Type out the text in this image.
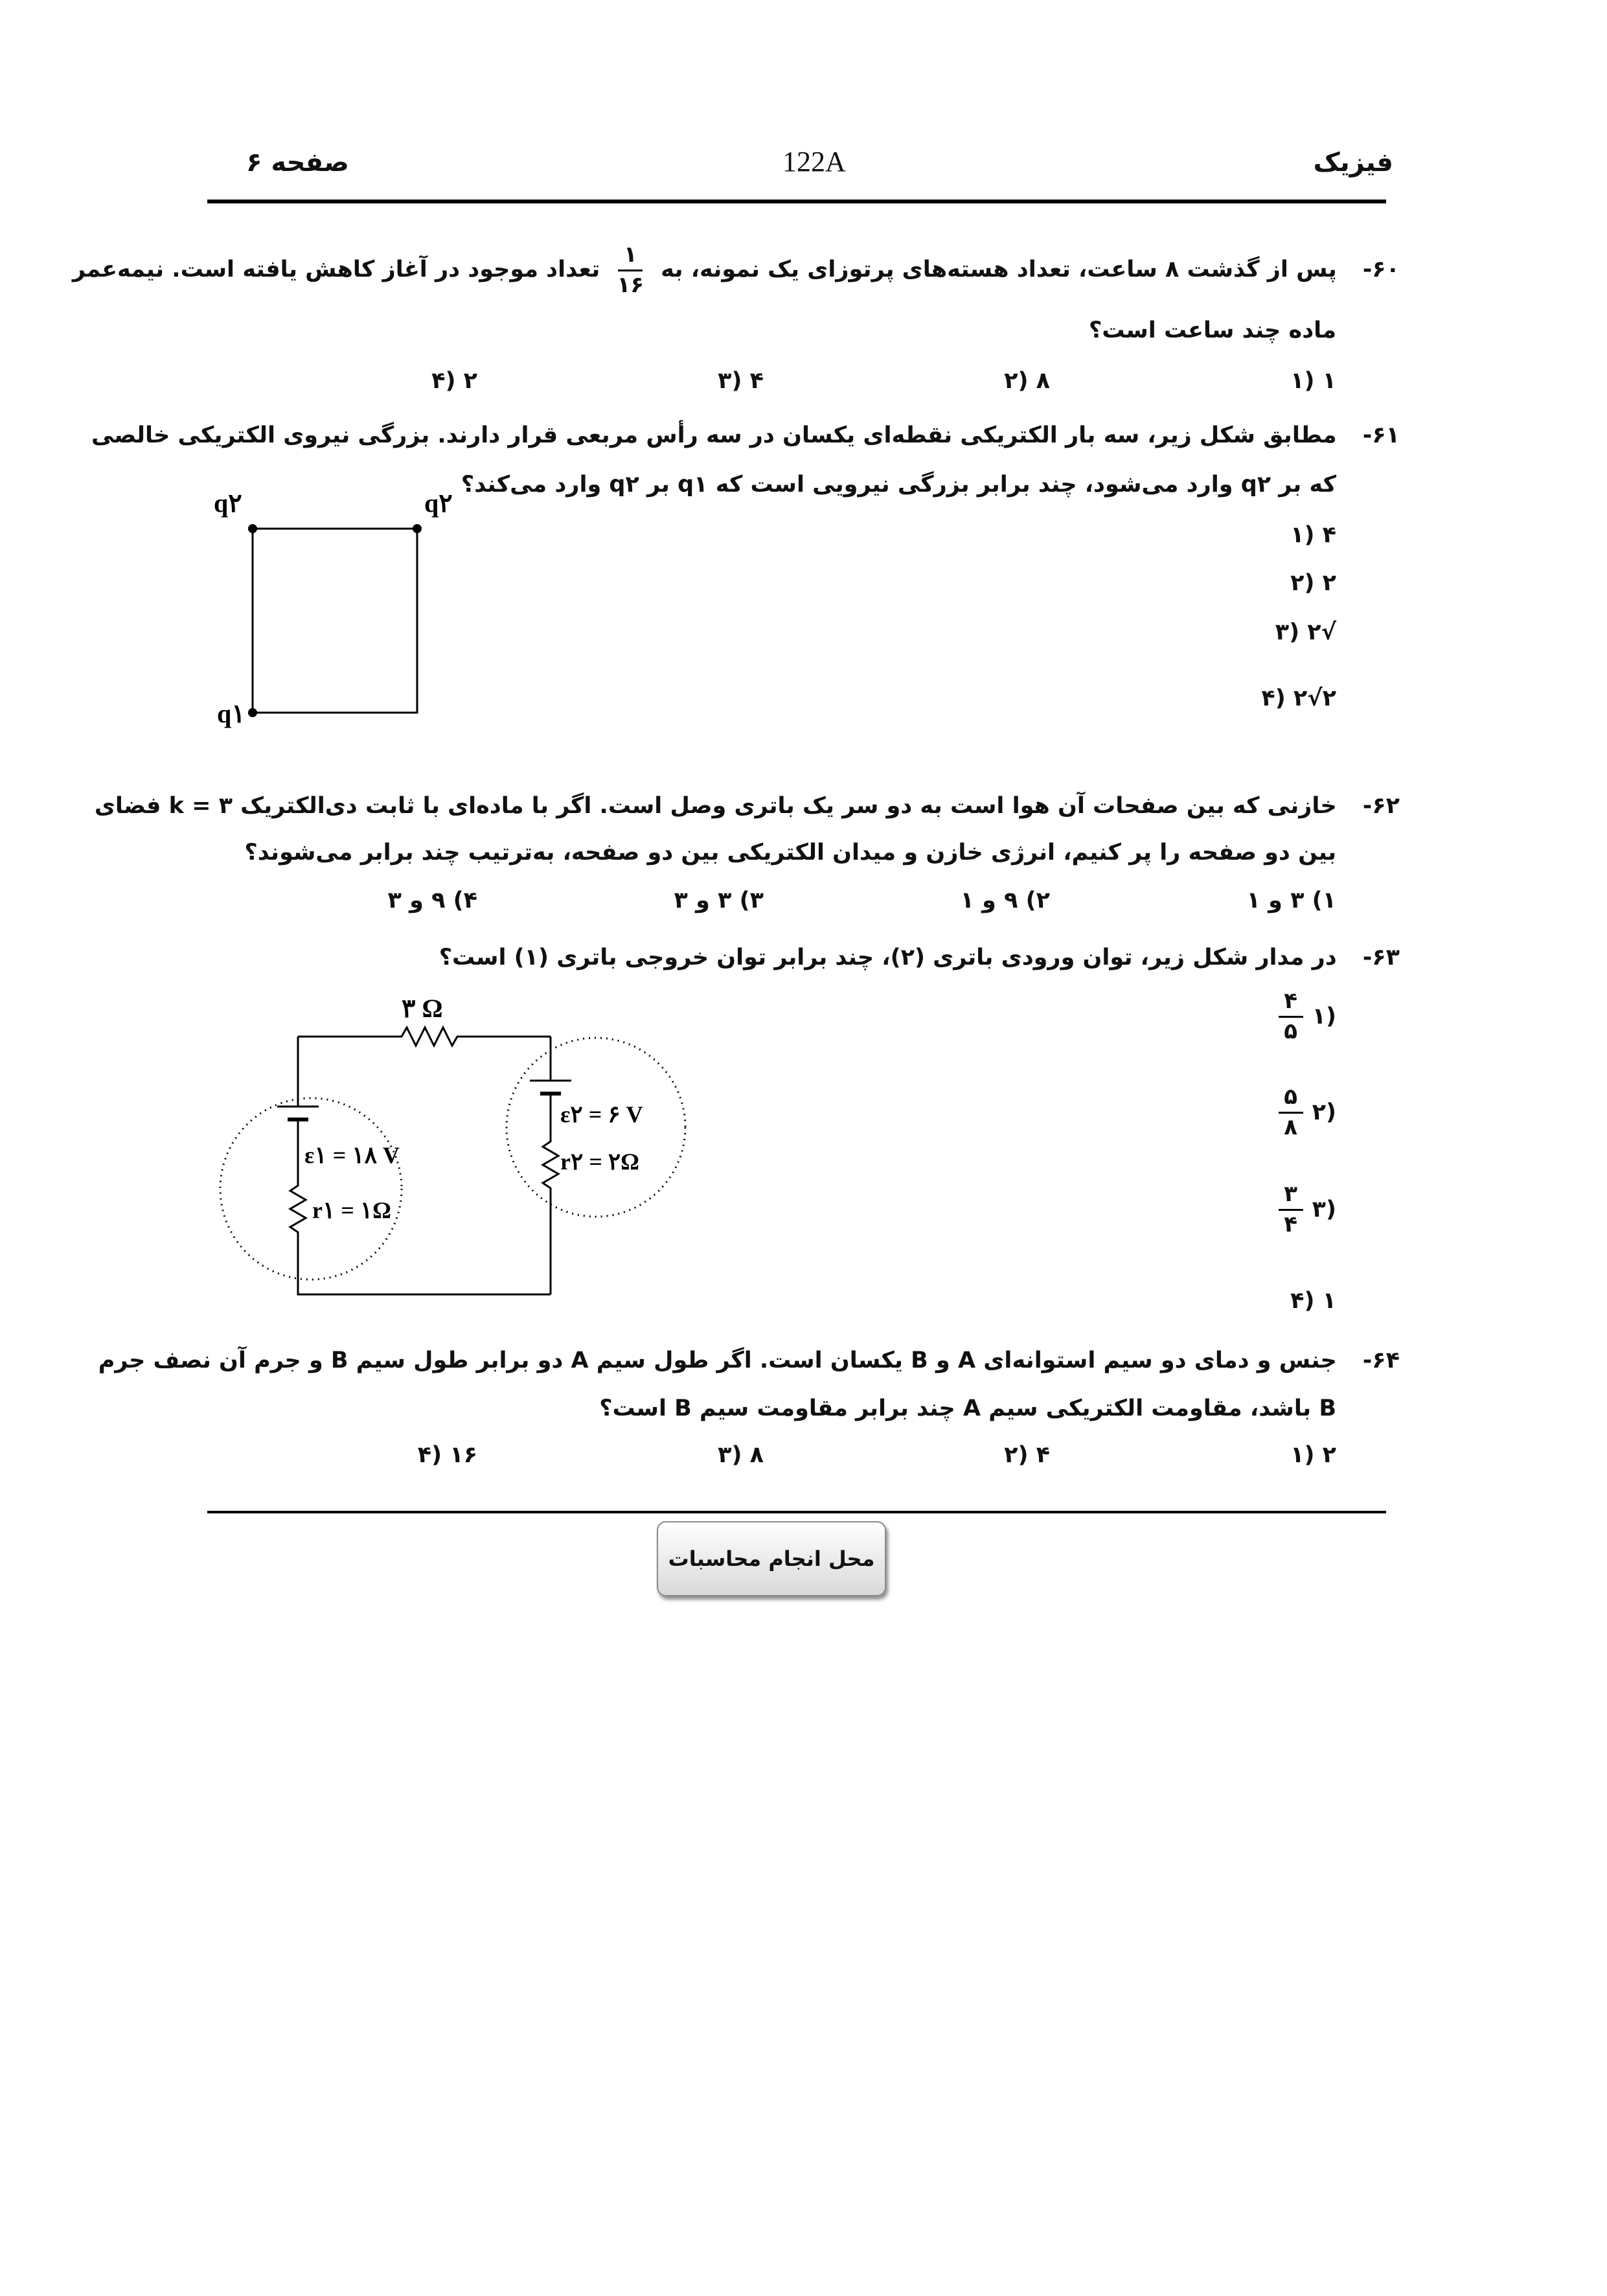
فیزیک
122A
صفحه ۶
۶۰-پس از گذشت ۸ ساعت، تعداد هسته‌های پرتوزای یک نمونه، به
$\frac{۱}{۱۶}$
تعداد موجود در آغاز کاهش یافته است. نیمه‌عمر
ماده چند ساعت است؟
۱ (۱
۸ (۲
۴ (۳
۲ (۴
۶۱-مطابق شکل زیر، سه بار الکتریکی نقطه‌ای یکسان در سه رأس مربعی قرار دارند. بزرگی نیروی الکتریکی خالصی
که بر q۲ وارد می‌شود، چند برابر بزرگی نیرویی است که q۱ بر q۲ وارد می‌کند؟
۴ (۱
۲ (۲
√۲ (۳
۲√۲ (۴
q۲	q۲
q۱
۶۲-خازنی که بین صفحات آن هوا است به دو سر یک باتری وصل است. اگر با ماده‌ای با ثابت دی‌الکتریک k = ۳ فضای
بین دو صفحه را پر کنیم، انرژی خازن و میدان الکتریکی بین دو صفحه، به‌ترتیب چند برابر می‌شوند؟
۱) ۳ و ۱
۲) ۹ و ۱
۳) ۳ و ۳
۴) ۹ و ۳
۶۳-در مدار شکل زیر، توان ورودی باتری (۲)، چند برابر توان خروجی باتری (۱) است؟
(۱
$\frac{۴}{۵}$
(۲
$\frac{۵}{۸}$
(۳
$\frac{۳}{۴}$
۱ (۴
۳ Ω
ε۱ = ۱۸ V
r۱ = ۱Ω
ε۲ = ۶ V
r۲ = ۲Ω
۶۴-جنس و دمای دو سیم استوانه‌ای A و B یکسان است. اگر طول سیم A دو برابر طول سیم B و جرم آن نصف جرم
B باشد، مقاومت الکتریکی سیم A چند برابر مقاومت سیم B است؟
۲ (۱
۴ (۲
۸ (۳
۱۶ (۴
محل انجام محاسبات
